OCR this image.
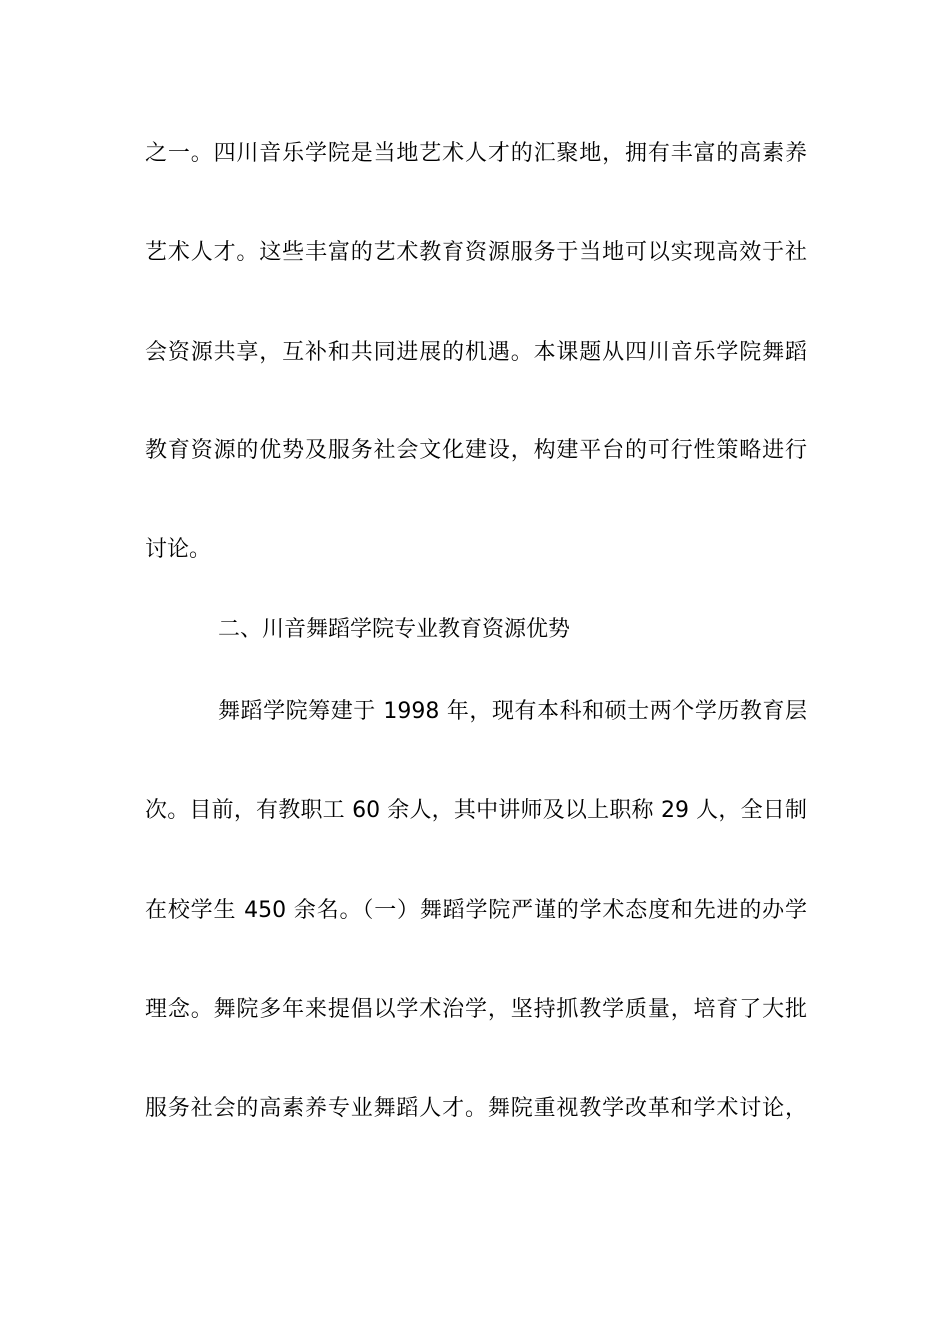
之一。四川音乐学院是当地艺术人才的汇聚地，拥有丰富的高素养
艺术人才。这些丰富的艺术教育资源服务于当地可以实现高效于社
会资源共享，互补和共同进展的机遇。本课题从四川音乐学院舞蹈
教育资源的优势及服务社会文化建设，构建平台的可行性策略进行
讨论。
二、川音舞蹈学院专业教育资源优势
舞蹈学院筹建于 1998 年，现有本科和硕士两个学历教育层
次。目前，有教职工 60 余人，其中讲师及以上职称 29 人，全日制
在校学生 450 余名。（一）舞蹈学院严谨的学术态度和先进的办学
理念。舞院多年来提倡以学术治学，坚持抓教学质量，培育了大批
服务社会的高素养专业舞蹈人才。舞院重视教学改革和学术讨论，
